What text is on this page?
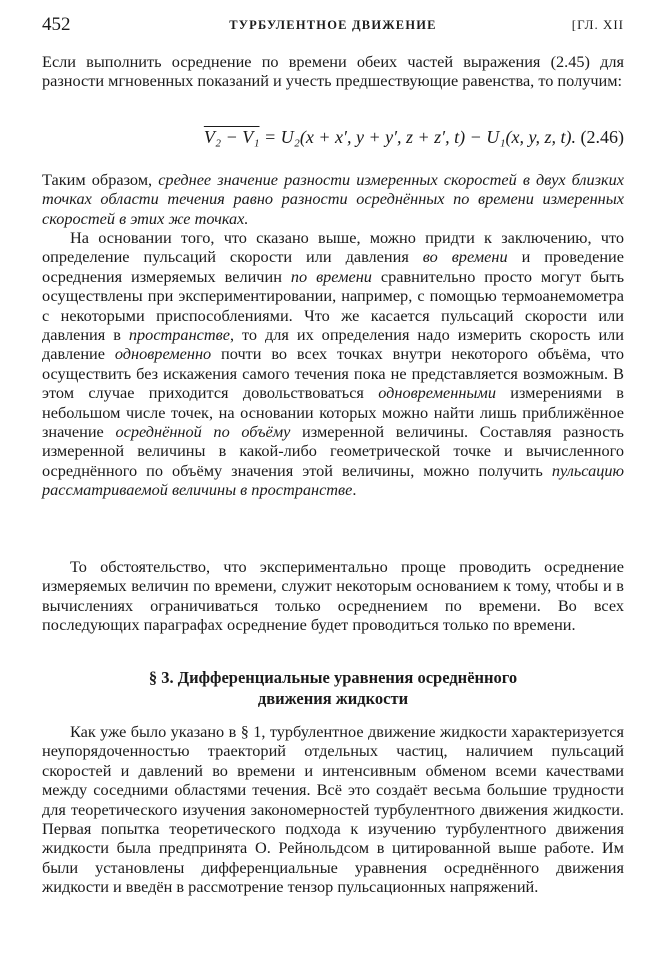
452	ТУРБУЛЕНТНОЕ ДВИЖЕНИЕ	[ГЛ. XII

Если выполнить осреднение по времени обеих частей выражения (2.45) для разности мгновенных показаний и учесть предшествующие равенства, то получим:

V₂ − V₁ = U₂(x + x′, y + y′, z + z′, t) − U₁(x, y, z, t). (2.46)

Таким образом, среднее значение разности измеренных скоростей в двух близких точках области течения равно разности осреднённых по времени измеренных скоростей в этих же точках.

На основании того, что сказано выше, можно придти к заключению, что определение пульсаций скорости или давления во времени и проведение осреднения измеряемых величин по времени сравнительно просто могут быть осуществлены при экспериментировании, например, с помощью термоанемометра с некоторыми приспособлениями. Что же касается пульсаций скорости или давления в пространстве, то для их определения надо измерить скорость или давление одновременно почти во всех точках внутри некоторого объёма, что осуществить без искажения самого течения пока не представляется возможным. В этом случае приходится довольствоваться одновременными измерениями в небольшом числе точек, на основании которых можно найти лишь приближённое значение осреднённой по объёму измеренной величины. Составляя разность измеренной величины в какой-либо геометрической точке и вычисленного осреднённого по объёму значения этой величины, можно получить пульсацию рассматриваемой величины в пространстве.

То обстоятельство, что экспериментально проще проводить осреднение измеряемых величин по времени, служит некоторым основанием к тому, чтобы и в вычислениях ограничиваться только осреднением по времени. Во всех последующих параграфах осреднение будет проводиться только по времени.

§ 3. Дифференциальные уравнения осреднённого
движения жидкости

Как уже было указано в § 1, турбулентное движение жидкости характеризуется неупорядоченностью траекторий отдельных частиц, наличием пульсаций скоростей и давлений во времени и интенсивным обменом всеми качествами между соседними областями течения. Всё это создаёт весьма большие трудности для теоретического изучения закономерностей турбулентного движения жидкости. Первая попытка теоретического подхода к изучению турбулентного движения жидкости была предпринята О. Рейнольдсом в цитированной выше работе. Им были установлены дифференциальные уравнения осреднённого движения жидкости и введён в рассмотрение тензор пульсационных напряжений.
